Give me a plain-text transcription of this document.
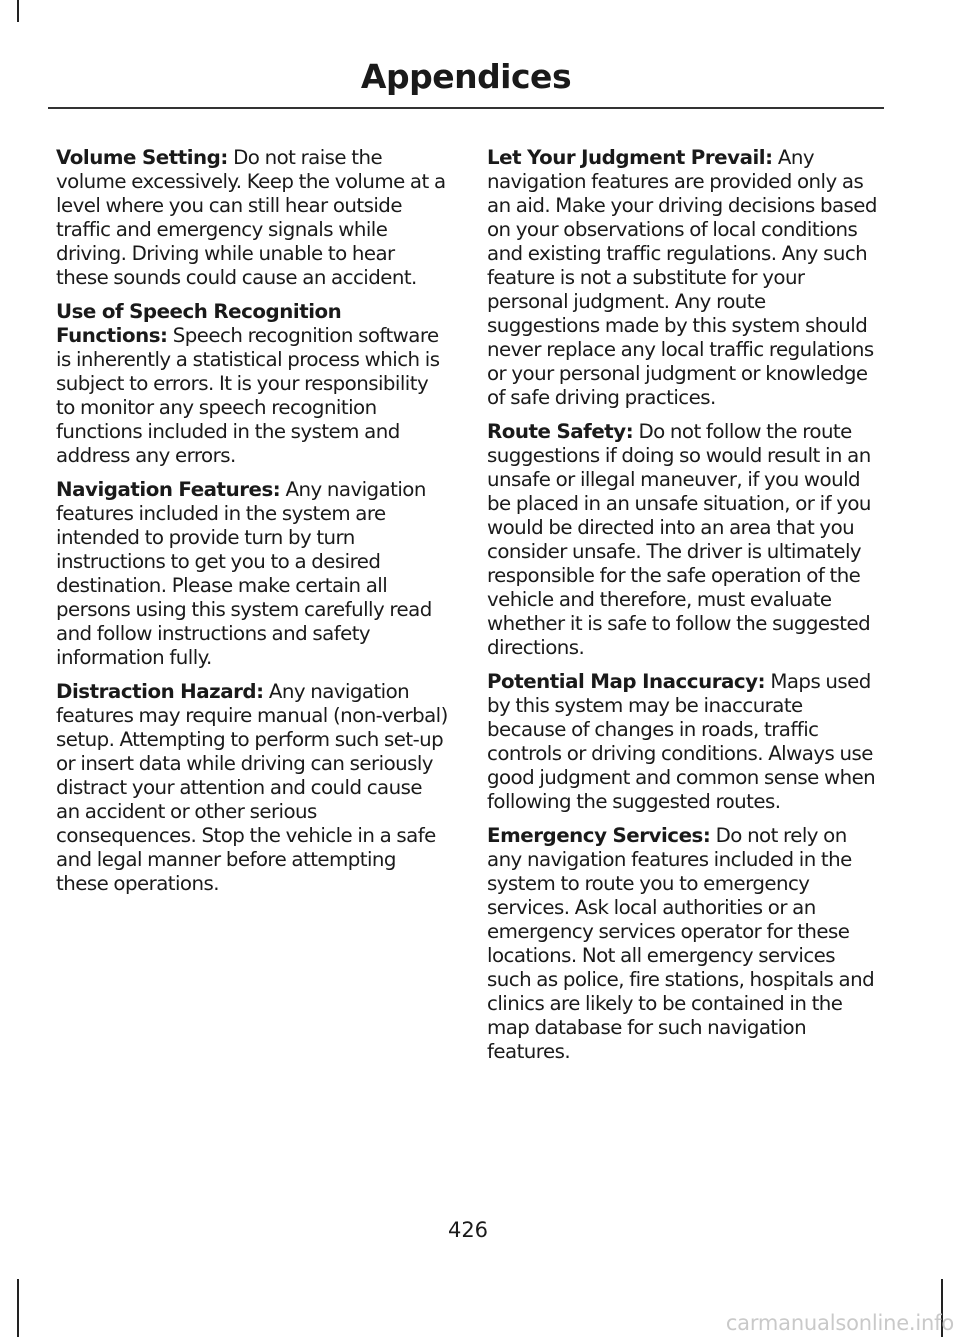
Appendices

Volume Setting: Do not raise the volume excessively. Keep the volume at a level where you can still hear outside traffic and emergency signals while driving. Driving while unable to hear these sounds could cause an accident.

Use of Speech Recognition Functions: Speech recognition software is inherently a statistical process which is subject to errors. It is your responsibility to monitor any speech recognition functions included in the system and address any errors.

Navigation Features: Any navigation features included in the system are intended to provide turn by turn instructions to get you to a desired destination. Please make certain all persons using this system carefully read and follow instructions and safety information fully.

Distraction Hazard: Any navigation features may require manual (non-verbal) setup. Attempting to perform such set-up or insert data while driving can seriously distract your attention and could cause an accident or other serious consequences. Stop the vehicle in a safe and legal manner before attempting these operations.

Let Your Judgment Prevail: Any navigation features are provided only as an aid. Make your driving decisions based on your observations of local conditions and existing traffic regulations. Any such feature is not a substitute for your personal judgment. Any route suggestions made by this system should never replace any local traffic regulations or your personal judgment or knowledge of safe driving practices.

Route Safety: Do not follow the route suggestions if doing so would result in an unsafe or illegal maneuver, if you would be placed in an unsafe situation, or if you would be directed into an area that you consider unsafe. The driver is ultimately responsible for the safe operation of the vehicle and therefore, must evaluate whether it is safe to follow the suggested directions.

Potential Map Inaccuracy: Maps used by this system may be inaccurate because of changes in roads, traffic controls or driving conditions. Always use good judgment and common sense when following the suggested routes.

Emergency Services: Do not rely on any navigation features included in the system to route you to emergency services. Ask local authorities or an emergency services operator for these locations. Not all emergency services such as police, fire stations, hospitals and clinics are likely to be contained in the map database for such navigation features.

426
carmanualsonline.info
